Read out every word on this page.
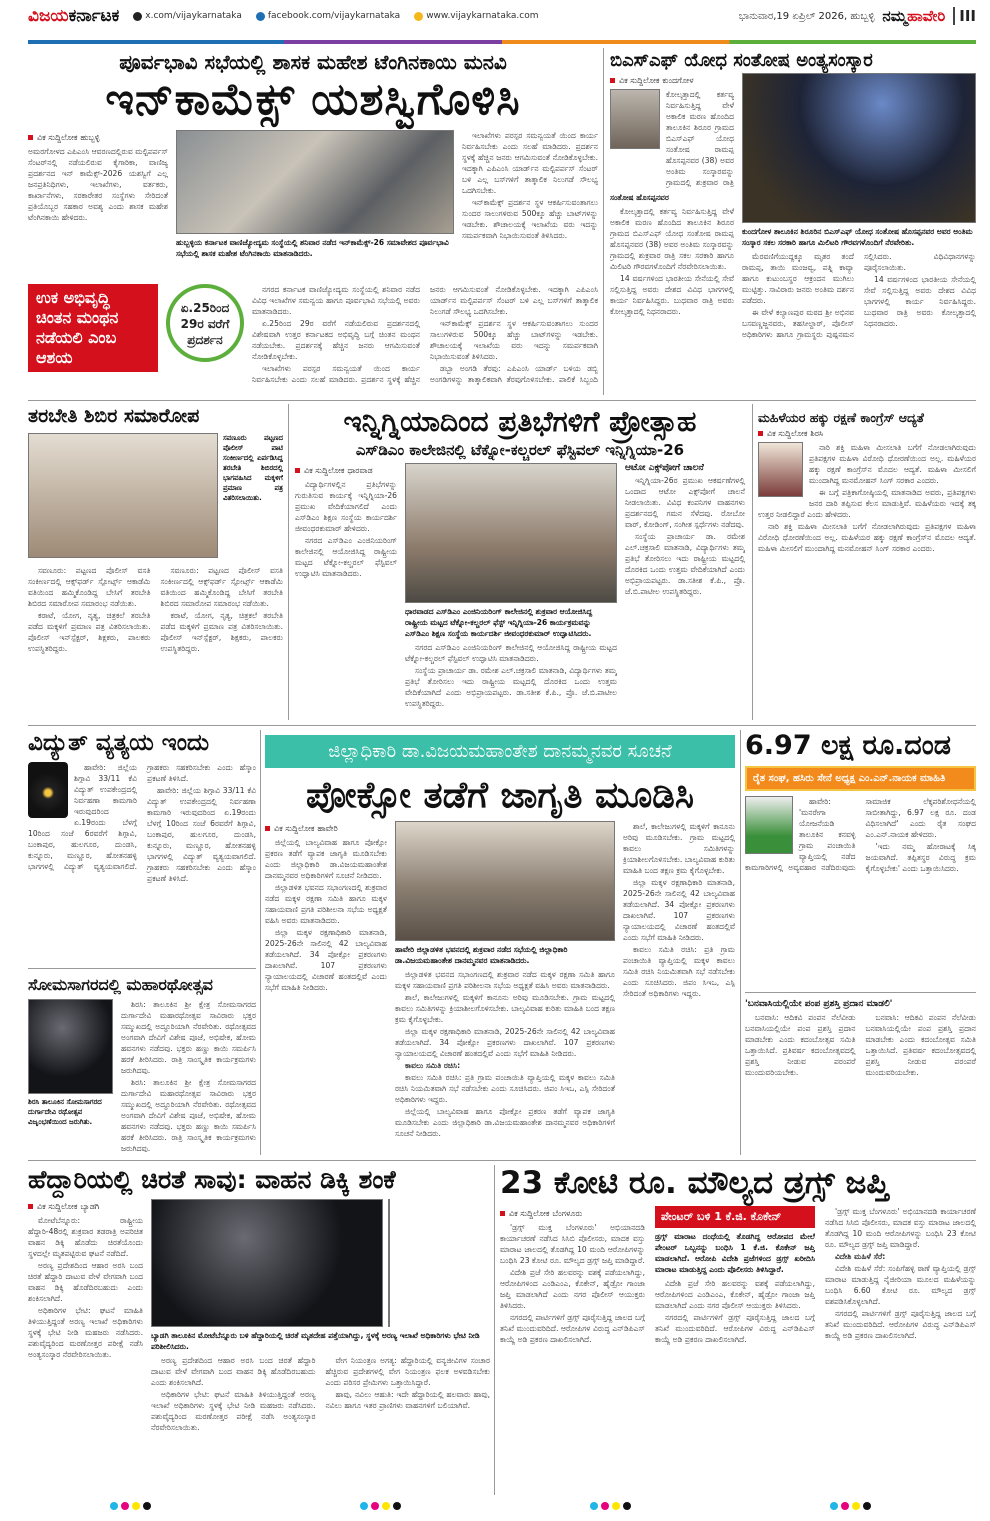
ವಿಜಯಕರ್ನಾಟಕ	x.com/vijaykarnataka	facebook.com/vijaykarnataka	www.vijaykarnataka.com	ಭಾನುವಾರ,19 ಏಪ್ರಿಲ್ 2026, ಹುಬ್ಬಳ್ಳಿ ನಮ್ಮಹಾವೇರಿ III
ಪೂರ್ವಭಾವಿ ಸಭೆಯಲ್ಲಿ ಶಾಸಕ ಮಹೇಶ ಟೆಂಗಿನಕಾಯಿ ಮನವಿ
ಇನ್‌ಕಾಮೆಕ್ಸ್ ಯಶಸ್ವಿಗೊಳಿಸಿ
ವಿಕ ಸುದ್ದಿಲೋಕ ಹುಬ್ಬಳ್ಳಿ
ಅಮರಗೋಳದ ಎಪಿಎಂಸಿ ಆವರಣದಲ್ಲಿರುವ ಮಲ್ಟಿಪರ್ಪಸ್ ಸೆಂಟರ್‌ನಲ್ಲಿ ನಡೆಯಲಿರುವ ಕೈಗಾರಿಕಾ, ವಾಣಿಜ್ಯ ಪ್ರದರ್ಶನದ ಇನ್ ಕಾಮೆಕ್ಸ್-2026 ಯಶಸ್ವಿಗೆ ಎಲ್ಲ ಜನಪ್ರತಿನಿಧಿಗಳು, ಇಲಾಖೆಗಳು, ವರ್ತಕರು, ಕಾರ್ಖಾನೆಗಳು, ಸರಕಾರೇತರ ಸಂಸ್ಥೆಗಳು ಸೇರಿದಂತೆ ಪ್ರತಿಯೊಬ್ಬರ ಸಹಕಾರ ಅವಶ್ಯ ಎಂದು ಶಾಸಕ ಮಹೇಶ ಟೆಂಗಿನಕಾಯಿ ಹೇಳಿದರು.
ಹುಬ್ಬಳ್ಳಿಯ ಕರ್ನಾಟಕ ವಾಣಿಜ್ಯೋದ್ಯಮ ಸಂಸ್ಥೆಯಲ್ಲಿ ಶನಿವಾರ ನಡೆದ ಇನ್‌ಕಾಮೆಕ್ಸ್-26 ಸಮಾವೇಶದ ಪೂರ್ವಭಾವಿ ಸಭೆಯಲ್ಲಿ ಶಾಸಕ ಮಹೇಶ ಟೆಂಗಿನಕಾಯಿ ಮಾತನಾಡಿದರು.

ಇಲಾಖೆಗಳು ಪರಸ್ಪರ ಸಮನ್ವಯತೆ ಯಿಂದ ಕಾರ್ಯ ನಿರ್ವಹಿಸಬೇಕು ಎಂದು ಸಲಹೆ ಮಾಡಿದರು. ಪ್ರದರ್ಶನ ಸ್ಥಳಕ್ಕೆ ಹೆಚ್ಚಿನ ಜನರು ಆಗಮಿಸುವಂತೆ ನೋಡಿಕೊಳ್ಳಬೇಕು. ಇದಕ್ಕಾಗಿ ಎಪಿಎಂಸಿ ಯಾರ್ಡ್‌ನ ಮಲ್ಟಿಪರ್ಪಸ್ ಸೆಂಟರ್ ಬಳಿ ಎಲ್ಲ ಬಸ್‌ಗಳಿಗೆ ತಾತ್ಕಾಲಿಕ ನಿಲುಗಡೆ ಸೌಲಭ್ಯ ಒದಗಿಸಬೇಕು.

ಇನ್‌ಕಾಮೆಕ್ಸ್ ಪ್ರದರ್ಶನ ಸ್ಥಳ ಆಕರ್ಷಿಸುವಂತಾಗಲು ಸುಂದರ ಸಾಲುಗಳಿರುವ 500ಕ್ಕೂ ಹೆಚ್ಚು ಬಾಟ್‌ಗಳನ್ನು ಇಡಬೇಕು. ಶೌಚಾಲಯಕ್ಕೆ ಇಲಾಖೆಯ ವರು ಇದನ್ನು ಸಮರ್ಪಕವಾಗಿ ನಿಭಾಯಿಸುವಂತೆ ತಿಳಿಸಿದರು.

ಉಕ ಅಭಿವೃದ್ಧಿ ಚಿಂತನ ಮಂಥನ ನಡೆಯಲಿ ಎಂಬ ಆಶಯ
ಏ.25ರಿಂದ 29ರ ವರೆಗೆ ಪ್ರದರ್ಶನ

ನಗರದ ಕರ್ನಾಟಕ ವಾಣಿಜ್ಯೋದ್ಯಮ ಸಂಸ್ಥೆಯಲ್ಲಿ ಶನಿವಾರ ನಡೆದ ವಿವಿಧ ಇಲಾಖೆಗಳ ಸಮನ್ವಯ ಹಾಗೂ ಪೂರ್ವಭಾವಿ ಸಭೆಯಲ್ಲಿ ಅವರು ಮಾತನಾಡಿದರು.

ಏ.25ರಿಂದ 29ರ ವರೆಗೆ ನಡೆಯಲಿರುವ ಪ್ರದರ್ಶನದಲ್ಲಿ ವಿಶೇಷವಾಗಿ ಉತ್ತರ ಕರ್ನಾಟಕದ ಅಭಿವೃದ್ಧಿ ಬಗ್ಗೆ ಚಿಂತನ ಮಂಥನ ನಡೆಯಬೇಕು. ಪ್ರದರ್ಶನಕ್ಕೆ ಹೆಚ್ಚಿನ ಜನರು ಆಗಮಿಸುವಂತೆ ನೋಡಿಕೊಳ್ಳಬೇಕು.

ಇಲಾಖೆಗಳು ಪರಸ್ಪರ ಸಮನ್ವಯತೆ ಯಿಂದ ಕಾರ್ಯ ನಿರ್ವಹಿಸಬೇಕು ಎಂದು ಸಲಹೆ ಮಾಡಿದರು. ಪ್ರದರ್ಶನ ಸ್ಥಳಕ್ಕೆ ಹೆಚ್ಚಿನ ಜನರು ಆಗಮಿಸುವಂತೆ ನೋಡಿಕೊಳ್ಳಬೇಕು. ಇದಕ್ಕಾಗಿ ಎಪಿಎಂಸಿ ಯಾರ್ಡ್‌ನ ಮಲ್ಟಿಪರ್ಪಸ್ ಸೆಂಟರ್ ಬಳಿ ಎಲ್ಲ ಬಸ್‌ಗಳಿಗೆ ತಾತ್ಕಾಲಿಕ ನಿಲುಗಡೆ ಸೌಲಭ್ಯ ಒದಗಿಸಬೇಕು.

ಇನ್‌ಕಾಮೆಕ್ಸ್ ಪ್ರದರ್ಶನ ಸ್ಥಳ ಆಕರ್ಷಿಸುವಂತಾಗಲು ಸುಂದರ ಸಾಲುಗಳಿರುವ 500ಕ್ಕೂ ಹೆಚ್ಚು ಬಾಟ್‌ಗಳನ್ನು ಇಡಬೇಕು. ಶೌಚಾಲಯಕ್ಕೆ ಇಲಾಖೆಯ ವರು ಇದನ್ನು ಸಮರ್ಪಕವಾಗಿ ನಿಭಾಯಿಸುವಂತೆ ತಿಳಿಸಿದರು.

ಡಬ್ಬಾ ಅಂಗಡಿ ತೆರವು: ಎಪಿಎಂಸಿ ಯಾರ್ಡ್ ಬಳಿಯ ಡಬ್ಬಿ ಅಂಗಡಿಗಳನ್ನು ತಾತ್ಕಾಲಿಕವಾಗಿ ತೆರವುಗೊಳಿಸಬೇಕು. ಪಾಲಿಕೆ ಸಿಬ್ಬಂದಿ

ಬಿಎಸ್‌ಎಫ್ ಯೋಧ ಸಂತೋಷ ಅಂತ್ಯಸಂಸ್ಕಾರ
ವಿಕ ಸುದ್ದಿಲೋಕ ಕುಂದಗೋಳ
ಕೋಲ್ಕತ್ತಾದಲ್ಲಿ ಕರ್ತವ್ಯ ನಿರ್ವಹಿಸುತ್ತಿದ್ದ ವೇಳೆ ಅಕಾಲಿಕ ಮರಣ ಹೊಂದಿದ ತಾಲೂಕಿನ ಶಿರೂರ ಗ್ರಾಮದ ಬಿಎಸ್‌ಎಫ್ ಯೋಧ ಸಂತೋಷ ರಾಮಪ್ಪ ಹೊಸಪ್ಪನವರ (38) ಅವರ ಅಂತಿಮ ಸಂಸ್ಕಾರವನ್ನು ಗ್ರಾಮದಲ್ಲಿ ಶುಕ್ರವಾರ ರಾತ್ರಿ
ಸಂತೋಷ ಹೊಸಪ್ಪನವರ

ಕೋಲ್ಕತ್ತಾದಲ್ಲಿ ಕರ್ತವ್ಯ ನಿರ್ವಹಿಸುತ್ತಿದ್ದ ವೇಳೆ ಅಕಾಲಿಕ ಮರಣ ಹೊಂದಿದ ತಾಲೂಕಿನ ಶಿರೂರ ಗ್ರಾಮದ ಬಿಎಸ್‌ಎಫ್ ಯೋಧ ಸಂತೋಷ ರಾಮಪ್ಪ ಹೊಸಪ್ಪನವರ (38) ಅವರ ಅಂತಿಮ ಸಂಸ್ಕಾರವನ್ನು ಗ್ರಾಮದಲ್ಲಿ ಶುಕ್ರವಾರ ರಾತ್ರಿ ಸಕಲ ಸರಕಾರಿ ಹಾಗೂ ಮಿಲಿಟರಿ ಗೌರವಗಳೊಂದಿಗೆ ನೆರವೇರಿಸಲಾಯಿತು.

14 ವರ್ಷಗಳಿಂದ ಭಾರತೀಯ ಸೇನೆಯಲ್ಲಿ ಸೇವೆ ಸಲ್ಲಿಸುತ್ತಿದ್ದ ಅವರು ದೇಶದ ವಿವಿಧ ಭಾಗಗಳಲ್ಲಿ ಕಾರ್ಯ ನಿರ್ವಹಿಸಿದ್ದರು. ಬುಧವಾರ ರಾತ್ರಿ ಅವರು ಕೋಲ್ಕತ್ತಾದಲ್ಲಿ ನಿಧನರಾದರು.

ಕುಂದಗೋಳ ತಾಲೂಕಿನ ಶಿರೂರಿನ ಬಿಎಸ್‌ಎಫ್ ಯೋಧ ಸಂತೋಷ ಹೊಸಪ್ಪನವರ ಅವರ ಅಂತಿಮ ಸಂಸ್ಕಾರ ಸಕಲ ಸರಕಾರಿ ಹಾಗೂ ಮಿಲಿಟರಿ ಗೌರವಗಳೊಂದಿಗೆ ನೆರವೇರಿತು.

ಮೆರವಣಿಗೆಯುದ್ದಕ್ಕೂ ಮೃತರ ತಂದೆ ರಾಮಪ್ಪ, ತಾಯಿ ಮಂಜವ್ವ, ಪತ್ನಿ ಕಾವ್ಯಾ ಹಾಗೂ ಕುಟುಂಬಸ್ಥರ ಆಕ್ರಂದನ ಮುಗಿಲು ಮುಟ್ಟಿತ್ತು. ಸಾವಿರಾರು ಜನರು ಅಂತಿಮ ದರ್ಶನ ಪಡೆದರು.

ಈ ವೇಳೆ ಕಲ್ಯಾಣಪುರ ಮಠದ ಶ್ರೀ ಅಭಿನವ ಬಸವಣ್ಣಜ್ಜನವರು, ತಹಸೀಲ್ದಾರ್, ಪೊಲೀಸ್ ಅಧಿಕಾರಿಗಳು ಹಾಗೂ ಗ್ರಾಮಸ್ಥರು ಪುಷ್ಪನಮನ ಸಲ್ಲಿಸಿದರು. ವಿಧಿವಿಧಾನಗಳನ್ನು ಪೂರೈಸಲಾಯಿತು.

14 ವರ್ಷಗಳಿಂದ ಭಾರತೀಯ ಸೇನೆಯಲ್ಲಿ ಸೇವೆ ಸಲ್ಲಿಸುತ್ತಿದ್ದ ಅವರು ದೇಶದ ವಿವಿಧ ಭಾಗಗಳಲ್ಲಿ ಕಾರ್ಯ ನಿರ್ವಹಿಸಿದ್ದರು. ಬುಧವಾರ ರಾತ್ರಿ ಅವರು ಕೋಲ್ಕತ್ತಾದಲ್ಲಿ ನಿಧನರಾದರು.

ತರಬೇತಿ ಶಿಬಿರ ಸಮಾರೋಪ
ಸವಣೂರು ಪಟ್ಟಣದ ಪೊಲೀಸ್ ಪಾಟಿ ಸಂಕೀರ್ಣದಲ್ಲಿ ಏರ್ಪಡಿಸಿದ್ದ ತರಬೇತಿ ಶಿಬಿರದಲ್ಲಿ ಭಾಗವಹಿಸಿದ ಮಕ್ಕಳಿಗೆ ಪ್ರಮಾಣ ಪತ್ರ ವಿತರಿಸಲಾಯಿತು.

ಸವಣೂರು: ಪಟ್ಟಣದ ಪೊಲೀಸ್ ವಸತಿ ಸಂಕೀರ್ಣದಲ್ಲಿ ಆಕ್ಸ್‌ಫರ್ಡ್ ಸ್ಪೋರ್ಟ್ಸ್ ಆಕಾಡೆಮಿ ವತಿಯಿಂದ ಹಮ್ಮಿಕೊಂಡಿದ್ದ ಬೇಸಿಗೆ ತರಬೇತಿ ಶಿಬಿರದ ಸಮಾರೋಪ ಸಮಾರಂಭ ನಡೆಯಿತು.

ಕರಾಟೆ, ಯೋಗ, ನೃತ್ಯ, ಚಿತ್ರಕಲೆ ತರಬೇತಿ ಪಡೆದ ಮಕ್ಕಳಿಗೆ ಪ್ರಮಾಣ ಪತ್ರ ವಿತರಿಸಲಾಯಿತು. ಪೊಲೀಸ್ ಇನ್‌ಸ್ಪೆಕ್ಟರ್, ಶಿಕ್ಷಕರು, ಪಾಲಕರು ಉಪಸ್ಥಿತರಿದ್ದರು.

ಸವಣೂರು: ಪಟ್ಟಣದ ಪೊಲೀಸ್ ವಸತಿ ಸಂಕೀರ್ಣದಲ್ಲಿ ಆಕ್ಸ್‌ಫರ್ಡ್ ಸ್ಪೋರ್ಟ್ಸ್ ಆಕಾಡೆಮಿ ವತಿಯಿಂದ ಹಮ್ಮಿಕೊಂಡಿದ್ದ ಬೇಸಿಗೆ ತರಬೇತಿ ಶಿಬಿರದ ಸಮಾರೋಪ ಸಮಾರಂಭ ನಡೆಯಿತು.

ಕರಾಟೆ, ಯೋಗ, ನೃತ್ಯ, ಚಿತ್ರಕಲೆ ತರಬೇತಿ ಪಡೆದ ಮಕ್ಕಳಿಗೆ ಪ್ರಮಾಣ ಪತ್ರ ವಿತರಿಸಲಾಯಿತು. ಪೊಲೀಸ್ ಇನ್‌ಸ್ಪೆಕ್ಟರ್, ಶಿಕ್ಷಕರು, ಪಾಲಕರು ಉಪಸ್ಥಿತರಿದ್ದರು.

ಇನ್ನಿಗ್ನಿಯಾದಿಂದ ಪ್ರತಿಭೆಗಳಿಗೆ ಪ್ರೋತ್ಸಾಹ
ಎಸ್‌ಡಿಎಂ ಕಾಲೇಜಿನಲ್ಲಿ ಟೆಕ್ನೋ-ಕಲ್ಚರಲ್ ಫೆಸ್ಟಿವಲ್ ಇನ್ನಿಗ್ನಿಯಾ-26
ವಿಕ ಸುದ್ದಿಲೋಕ ಧಾರವಾಡ

ವಿದ್ಯಾರ್ಥಿಗಳಲ್ಲಿನ ಪ್ರತಿಭೆಗಳನ್ನು ಗುರುತಿಸುವ ಕಾರ್ಯಕ್ಕೆ ಇನ್ನಿಗ್ನಿಯಾ-26 ಪ್ರಮುಖ ವೇದಿಕೆಯಾಗಲಿದೆ ಎಂದು ಎಸ್‌ಡಿಎಂ ಶಿಕ್ಷಣ ಸಂಸ್ಥೆಯ ಕಾರ್ಯದರ್ಶಿ ಜೀವಂಧರಕುಮಾರ್ ಹೇಳಿದರು.

ನಗರದ ಎಸ್‌ಡಿಎಂ ಎಂಜಿನಿಯರಿಂಗ್ ಕಾಲೇಜಿನಲ್ಲಿ ಆಯೋಜಿಸಿದ್ದ ರಾಷ್ಟ್ರೀಯ ಮಟ್ಟದ ಟೆಕ್ನೋ-ಕಲ್ಚರಲ್ ಫೆಸ್ಟಿವಲ್ ಉದ್ಘಾಟಿಸಿ ಮಾತನಾಡಿದರು.

ಧಾರವಾಡದ ಎಸ್‌ಡಿಎಂ ಎಂಜಿನಿಯರಿಂಗ್ ಕಾಲೇಜಿನಲ್ಲಿ ಶುಕ್ರವಾರ ಆಯೋಜಿಸಿದ್ದ ರಾಷ್ಟ್ರೀಯ ಮಟ್ಟದ ಟೆಕ್ನೋ-ಕಲ್ಚರಲ್ ಫೆಸ್ಟ್ ಇನ್ನಿಗ್ನಿಯಾ-26 ಕಾರ್ಯಕ್ರಮವನ್ನು ಎಸ್‌ಡಿಎಂ ಶಿಕ್ಷಣ ಸಂಸ್ಥೆಯ ಕಾರ್ಯದರ್ಶಿ ಜೀವಂಧರಕುಮಾರ್ ಉದ್ಘಾಟಿಸಿದರು.

ನಗರದ ಎಸ್‌ಡಿಎಂ ಎಂಜಿನಿಯರಿಂಗ್ ಕಾಲೇಜಿನಲ್ಲಿ ಆಯೋಜಿಸಿದ್ದ ರಾಷ್ಟ್ರೀಯ ಮಟ್ಟದ ಟೆಕ್ನೋ-ಕಲ್ಚರಲ್ ಫೆಸ್ಟಿವಲ್ ಉದ್ಘಾಟಿಸಿ ಮಾತನಾಡಿದರು.

ಸಂಸ್ಥೆಯ ಪ್ರಾಚಾರ್ಯ ಡಾ. ರಮೇಶ ಎಲ್.ಚಕ್ರಸಾಲಿ ಮಾತನಾಡಿ, ವಿದ್ಯಾರ್ಥಿಗಳು ತಮ್ಮ ಪ್ರತಿಭೆ ತೋರಿಸಲು ಇದು ರಾಷ್ಟ್ರೀಯ ಮಟ್ಟದಲ್ಲಿ ದೊರಕಿದ ಒಂದು ಉತ್ತಮ ವೇದಿಕೆಯಾಗಿದೆ ಎಂದು ಅಭಿಪ್ರಾಯಪಟ್ಟರು. ಡಾ.ಸತೀಶ ಕೆ.ಪಿ., ಪ್ರೊ. ಜೆ.ಬಿ.ಪಾಟೀಲ ಉಪಸ್ಥಿತರಿದ್ದರು.

ಆಟೋ ಎಕ್ಸ್‌ಪೋಗೆ ಚಾಲನೆ

ಇನ್ನಿಗ್ನಿಯಾ-26ರ ಪ್ರಮುಖ ಆಕರ್ಷಣೆಗಳಲ್ಲಿ ಒಂದಾದ ಆಟೋ ಎಕ್ಸ್‌ಪೋಗೆ ಚಾಲನೆ ನೀಡಲಾಯಿತು. ವಿವಿಧ ಕಂಪನಿಗಳ ವಾಹನಗಳು ಪ್ರದರ್ಶನದಲ್ಲಿ ಗಮನ ಸೆಳೆದವು. ರೋಬೋ ವಾರ್, ಕೋಡಿಂಗ್, ಸಂಗೀತ ಸ್ಪರ್ಧೆಗಳು ನಡೆದವು.

ಸಂಸ್ಥೆಯ ಪ್ರಾಚಾರ್ಯ ಡಾ. ರಮೇಶ ಎಲ್.ಚಕ್ರಸಾಲಿ ಮಾತನಾಡಿ, ವಿದ್ಯಾರ್ಥಿಗಳು ತಮ್ಮ ಪ್ರತಿಭೆ ತೋರಿಸಲು ಇದು ರಾಷ್ಟ್ರೀಯ ಮಟ್ಟದಲ್ಲಿ ದೊರಕಿದ ಒಂದು ಉತ್ತಮ ವೇದಿಕೆಯಾಗಿದೆ ಎಂದು ಅಭಿಪ್ರಾಯಪಟ್ಟರು. ಡಾ.ಸತೀಶ ಕೆ.ಪಿ., ಪ್ರೊ. ಜೆ.ಬಿ.ಪಾಟೀಲ ಉಪಸ್ಥಿತರಿದ್ದರು.

ಮಹಿಳೆಯರ ಹಕ್ಕು ರಕ್ಷಣೆ ಕಾಂಗ್ರೆಸ್ ಆದ್ಯತೆ
ವಿಕ ಸುದ್ದಿಲೋಕ ಶಿರಸಿ

ನಾರಿ ಶಕ್ತಿ ಮಹಿಳಾ ಮೀಸಲಾತಿ ಬಗೆಗೆ ನೋಡಲಾಗಿರುವುದು ಪ್ರತಿಪಕ್ಷಗಳ ಮಹಿಳಾ ವಿರೋಧಿ ಧೋರಣೆಯಿಂದ ಅಲ್ಲ. ಮಹಿಳೆಯರ ಹಕ್ಕು ರಕ್ಷಣೆ ಕಾಂಗ್ರೆಸ್‌ನ ಮೊದಲ ಆದ್ಯತೆ. ಮಹಿಳಾ ಮೀಸಲಿಗೆ ಮುಂದಾಗಿದ್ದ ಮನಮೋಹನ್ ಸಿಂಗ್ ಸರಕಾರ ಎಂದರು.

ಈ ಬಗ್ಗೆ ಪತ್ರಿಕಾಗೋಷ್ಠಿಯಲ್ಲಿ ಮಾತನಾಡಿದ ಅವರು, ಪ್ರತಿಪಕ್ಷಗಳು ಜನರ ದಾರಿ ತಪ್ಪಿಸುವ ಕೆಲಸ ಮಾಡುತ್ತಿವೆ. ಮಹಿಳೆಯರು ಇದಕ್ಕೆ ತಕ್ಕ ಉತ್ತರ ನೀಡಲಿದ್ದಾರೆ ಎಂದು ಹೇಳಿದರು.

ನಾರಿ ಶಕ್ತಿ ಮಹಿಳಾ ಮೀಸಲಾತಿ ಬಗೆಗೆ ನೋಡಲಾಗಿರುವುದು ಪ್ರತಿಪಕ್ಷಗಳ ಮಹಿಳಾ ವಿರೋಧಿ ಧೋರಣೆಯಿಂದ ಅಲ್ಲ. ಮಹಿಳೆಯರ ಹಕ್ಕು ರಕ್ಷಣೆ ಕಾಂಗ್ರೆಸ್‌ನ ಮೊದಲ ಆದ್ಯತೆ. ಮಹಿಳಾ ಮೀಸಲಿಗೆ ಮುಂದಾಗಿದ್ದ ಮನಮೋಹನ್ ಸಿಂಗ್ ಸರಕಾರ ಎಂದರು.

ವಿದ್ಯುತ್ ವ್ಯತ್ಯಯ ಇಂದು

ಹಾವೇರಿ: ಜಿಲ್ಲೆಯ ಶಿಗ್ಗಾವಿ 33/11 ಕೆವಿ ವಿದ್ಯುತ್ ಉಪಕೇಂದ್ರದಲ್ಲಿ ನಿರ್ವಹಣಾ ಕಾಮಗಾರಿ ಇರುವುದರಿಂದ ಏ.19ರಂದು ಬೆಳಗ್ಗೆ 10ರಿಂದ ಸಂಜೆ 6ರವರೆಗೆ ಶಿಗ್ಗಾವಿ, ಬಂಕಾಪುರ, ಹುಲಗೂರ, ದುಂಡಸಿ, ಕುನ್ನೂರು, ಮಣ್ಣೂರ, ಹೋತನಹಳ್ಳಿ ಭಾಗಗಳಲ್ಲಿ ವಿದ್ಯುತ್ ವ್ಯತ್ಯಯವಾಗಲಿದೆ. ಗ್ರಾಹಕರು ಸಹಕರಿಸಬೇಕು ಎಂದು ಹೆಸ್ಕಾಂ ಪ್ರಕಟಣೆ ತಿಳಿಸಿದೆ.

ಹಾವೇರಿ: ಜಿಲ್ಲೆಯ ಶಿಗ್ಗಾವಿ 33/11 ಕೆವಿ ವಿದ್ಯುತ್ ಉಪಕೇಂದ್ರದಲ್ಲಿ ನಿರ್ವಹಣಾ ಕಾಮಗಾರಿ ಇರುವುದರಿಂದ ಏ.19ರಂದು ಬೆಳಗ್ಗೆ 10ರಿಂದ ಸಂಜೆ 6ರವರೆಗೆ ಶಿಗ್ಗಾವಿ, ಬಂಕಾಪುರ, ಹುಲಗೂರ, ದುಂಡಸಿ, ಕುನ್ನೂರು, ಮಣ್ಣೂರ, ಹೋತನಹಳ್ಳಿ ಭಾಗಗಳಲ್ಲಿ ವಿದ್ಯುತ್ ವ್ಯತ್ಯಯವಾಗಲಿದೆ. ಗ್ರಾಹಕರು ಸಹಕರಿಸಬೇಕು ಎಂದು ಹೆಸ್ಕಾಂ ಪ್ರಕಟಣೆ ತಿಳಿಸಿದೆ.

ಸೋಮಸಾಗರದಲ್ಲಿ ಮಹಾರಥೋತ್ಸವ
ಶಿರಸಿ ತಾಲೂಕಿನ ಸೋಮಸಾಗರದ ದುರ್ಗಾದೇವಿ ರಥೋತ್ಸವ ವಿಜೃಂಭಣೆಯಿಂದ ಜರುಗಿತು.

ಶಿರಸಿ: ತಾಲೂಕಿನ ಶ್ರೀ ಕ್ಷೇತ್ರ ಸೋಮಸಾಗರದ ದುರ್ಗಾದೇವಿ ಮಹಾರಥೋತ್ಸವ ಸಾವಿರಾರು ಭಕ್ತರ ಸಮ್ಮುಖದಲ್ಲಿ ಅದ್ಧೂರಿಯಾಗಿ ನೆರವೇರಿತು. ರಥೋತ್ಸವದ ಅಂಗವಾಗಿ ದೇವಿಗೆ ವಿಶೇಷ ಪೂಜೆ, ಅಭಿಷೇಕ, ಹೋಮ ಹವನಗಳು ನಡೆದವು. ಭಕ್ತರು ಹಣ್ಣು ಕಾಯಿ ಸಮರ್ಪಿಸಿ ಹರಕೆ ತೀರಿಸಿದರು. ರಾತ್ರಿ ಸಾಂಸ್ಕೃತಿಕ ಕಾರ್ಯಕ್ರಮಗಳು ಜರುಗಿದವು.

ಶಿರಸಿ: ತಾಲೂಕಿನ ಶ್ರೀ ಕ್ಷೇತ್ರ ಸೋಮಸಾಗರದ ದುರ್ಗಾದೇವಿ ಮಹಾರಥೋತ್ಸವ ಸಾವಿರಾರು ಭಕ್ತರ ಸಮ್ಮುಖದಲ್ಲಿ ಅದ್ಧೂರಿಯಾಗಿ ನೆರವೇರಿತು. ರಥೋತ್ಸವದ ಅಂಗವಾಗಿ ದೇವಿಗೆ ವಿಶೇಷ ಪೂಜೆ, ಅಭಿಷೇಕ, ಹೋಮ ಹವನಗಳು ನಡೆದವು. ಭಕ್ತರು ಹಣ್ಣು ಕಾಯಿ ಸಮರ್ಪಿಸಿ ಹರಕೆ ತೀರಿಸಿದರು. ರಾತ್ರಿ ಸಾಂಸ್ಕೃತಿಕ ಕಾರ್ಯಕ್ರಮಗಳು ಜರುಗಿದವು.

ಜಿಲ್ಲಾಧಿಕಾರಿ ಡಾ.ವಿಜಯಮಹಾಂತೇಶ ದಾನಮ್ಮನವರ ಸೂಚನೆ
ಪೋಕ್ಸೋ ತಡೆಗೆ ಜಾಗೃತಿ ಮೂಡಿಸಿ
ವಿಕ ಸುದ್ದಿಲೋಕ ಹಾವೇರಿ

ಜಿಲ್ಲೆಯಲ್ಲಿ ಬಾಲ್ಯವಿವಾಹ ಹಾಗೂ ಪೋಕ್ಸೋ ಪ್ರಕರಣ ತಡೆಗೆ ವ್ಯಾಪಕ ಜಾಗೃತಿ ಮೂಡಿಸಬೇಕು ಎಂದು ಜಿಲ್ಲಾಧಿಕಾರಿ ಡಾ.ವಿಜಯಮಹಾಂತೇಶ ದಾನಮ್ಮನವರ ಅಧಿಕಾರಿಗಳಿಗೆ ಸೂಚನೆ ನೀಡಿದರು.

ಜಿಲ್ಲಾಡಳಿತ ಭವನದ ಸಭಾಂಗಣದಲ್ಲಿ ಶುಕ್ರವಾರ ನಡೆದ ಮಕ್ಕಳ ರಕ್ಷಣಾ ಸಮಿತಿ ಹಾಗೂ ಮಕ್ಕಳ ಸಹಾಯವಾಣಿ ಪ್ರಗತಿ ಪರಿಶೀಲನಾ ಸಭೆಯ ಅಧ್ಯಕ್ಷತೆ ವಹಿಸಿ ಅವರು ಮಾತನಾಡಿದರು.

ಜಿಲ್ಲಾ ಮಕ್ಕಳ ರಕ್ಷಣಾಧಿಕಾರಿ ಮಾತನಾಡಿ, 2025-26ನೇ ಸಾಲಿನಲ್ಲಿ 42 ಬಾಲ್ಯವಿವಾಹ ತಡೆಯಲಾಗಿದೆ. 34 ಪೋಕ್ಸೋ ಪ್ರಕರಣಗಳು ದಾಖಲಾಗಿವೆ. 107 ಪ್ರಕರಣಗಳು ನ್ಯಾಯಾಲಯದಲ್ಲಿ ವಿಚಾರಣೆ ಹಂತದಲ್ಲಿವೆ ಎಂದು ಸಭೆಗೆ ಮಾಹಿತಿ ನೀಡಿದರು.

ಹಾವೇರಿ ಜಿಲ್ಲಾಡಳಿತ ಭವನದಲ್ಲಿ ಶುಕ್ರವಾರ ನಡೆದ ಸಭೆಯಲ್ಲಿ ಜಿಲ್ಲಾಧಿಕಾರಿ ಡಾ.ವಿಜಯಮಹಾಂತೇಶ ದಾನಮ್ಮನವರ ಮಾತನಾಡಿದರು.

ಜಿಲ್ಲಾಡಳಿತ ಭವನದ ಸಭಾಂಗಣದಲ್ಲಿ ಶುಕ್ರವಾರ ನಡೆದ ಮಕ್ಕಳ ರಕ್ಷಣಾ ಸಮಿತಿ ಹಾಗೂ ಮಕ್ಕಳ ಸಹಾಯವಾಣಿ ಪ್ರಗತಿ ಪರಿಶೀಲನಾ ಸಭೆಯ ಅಧ್ಯಕ್ಷತೆ ವಹಿಸಿ ಅವರು ಮಾತನಾಡಿದರು.

ಶಾಲೆ, ಕಾಲೇಜುಗಳಲ್ಲಿ ಮಕ್ಕಳಿಗೆ ಕಾನೂನು ಅರಿವು ಮೂಡಿಸಬೇಕು. ಗ್ರಾಮ ಮಟ್ಟದಲ್ಲಿ ಕಾವಲು ಸಮಿತಿಗಳನ್ನು ಕ್ರಿಯಾಶೀಲಗೊಳಿಸಬೇಕು. ಬಾಲ್ಯವಿವಾಹ ಕುರಿತು ಮಾಹಿತಿ ಬಂದ ತಕ್ಷಣ ಕ್ರಮ ಕೈಗೊಳ್ಳಬೇಕು.

ಜಿಲ್ಲಾ ಮಕ್ಕಳ ರಕ್ಷಣಾಧಿಕಾರಿ ಮಾತನಾಡಿ, 2025-26ನೇ ಸಾಲಿನಲ್ಲಿ 42 ಬಾಲ್ಯವಿವಾಹ ತಡೆಯಲಾಗಿದೆ. 34 ಪೋಕ್ಸೋ ಪ್ರಕರಣಗಳು ದಾಖಲಾಗಿವೆ. 107 ಪ್ರಕರಣಗಳು ನ್ಯಾಯಾಲಯದಲ್ಲಿ ವಿಚಾರಣೆ ಹಂತದಲ್ಲಿವೆ ಎಂದು ಸಭೆಗೆ ಮಾಹಿತಿ ನೀಡಿದರು.

ಕಾವಲು ಸಮಿತಿ ರಚಿಸಿ:

ಕಾವಲು ಸಮಿತಿ ರಚಿಸಿ: ಪ್ರತಿ ಗ್ರಾಮ ಪಂಚಾಯಿತಿ ವ್ಯಾಪ್ತಿಯಲ್ಲಿ ಮಕ್ಕಳ ಕಾವಲು ಸಮಿತಿ ರಚಿಸಿ ನಿಯಮಿತವಾಗಿ ಸಭೆ ನಡೆಸಬೇಕು ಎಂದು ಸೂಚಿಸಿದರು. ಜಿಪಂ ಸಿಇಒ, ಎಸ್ಪಿ ಸೇರಿದಂತೆ ಅಧಿಕಾರಿಗಳು ಇದ್ದರು.

ಜಿಲ್ಲೆಯಲ್ಲಿ ಬಾಲ್ಯವಿವಾಹ ಹಾಗೂ ಪೋಕ್ಸೋ ಪ್ರಕರಣ ತಡೆಗೆ ವ್ಯಾಪಕ ಜಾಗೃತಿ ಮೂಡಿಸಬೇಕು ಎಂದು ಜಿಲ್ಲಾಧಿಕಾರಿ ಡಾ.ವಿಜಯಮಹಾಂತೇಶ ದಾನಮ್ಮನವರ ಅಧಿಕಾರಿಗಳಿಗೆ ಸೂಚನೆ ನೀಡಿದರು.

ಶಾಲೆ, ಕಾಲೇಜುಗಳಲ್ಲಿ ಮಕ್ಕಳಿಗೆ ಕಾನೂನು ಅರಿವು ಮೂಡಿಸಬೇಕು. ಗ್ರಾಮ ಮಟ್ಟದಲ್ಲಿ ಕಾವಲು ಸಮಿತಿಗಳನ್ನು ಕ್ರಿಯಾಶೀಲಗೊಳಿಸಬೇಕು. ಬಾಲ್ಯವಿವಾಹ ಕುರಿತು ಮಾಹಿತಿ ಬಂದ ತಕ್ಷಣ ಕ್ರಮ ಕೈಗೊಳ್ಳಬೇಕು.

ಜಿಲ್ಲಾ ಮಕ್ಕಳ ರಕ್ಷಣಾಧಿಕಾರಿ ಮಾತನಾಡಿ, 2025-26ನೇ ಸಾಲಿನಲ್ಲಿ 42 ಬಾಲ್ಯವಿವಾಹ ತಡೆಯಲಾಗಿದೆ. 34 ಪೋಕ್ಸೋ ಪ್ರಕರಣಗಳು ದಾಖಲಾಗಿವೆ. 107 ಪ್ರಕರಣಗಳು ನ್ಯಾಯಾಲಯದಲ್ಲಿ ವಿಚಾರಣೆ ಹಂತದಲ್ಲಿವೆ ಎಂದು ಸಭೆಗೆ ಮಾಹಿತಿ ನೀಡಿದರು.

ಕಾವಲು ಸಮಿತಿ ರಚಿಸಿ: ಪ್ರತಿ ಗ್ರಾಮ ಪಂಚಾಯಿತಿ ವ್ಯಾಪ್ತಿಯಲ್ಲಿ ಮಕ್ಕಳ ಕಾವಲು ಸಮಿತಿ ರಚಿಸಿ ನಿಯಮಿತವಾಗಿ ಸಭೆ ನಡೆಸಬೇಕು ಎಂದು ಸೂಚಿಸಿದರು. ಜಿಪಂ ಸಿಇಒ, ಎಸ್ಪಿ ಸೇರಿದಂತೆ ಅಧಿಕಾರಿಗಳು ಇದ್ದರು.

6.97 ಲಕ್ಷ ರೂ.ದಂಡ
ರೈತ ಸಂಘ, ಹಸಿರು ಸೇನೆ ಅಧ್ಯಕ್ಷ ಎಂ.ಎನ್.ನಾಯಕ ಮಾಹಿತಿ

ಹಾವೇರಿ: 'ಮನರೇಗಾ ಯೋಜನೆಯಡಿ ತಾಲೂಕಿನ ಕನವಳ್ಳಿ ಗ್ರಾಮ ಪಂಚಾಯಿತಿ ವ್ಯಾಪ್ತಿಯಲ್ಲಿ ನಡೆದ ಕಾಮಗಾರಿಗಳಲ್ಲಿ ಅವ್ಯವಹಾರ ನಡೆದಿರುವುದು ಸಾಮಾಜಿಕ ಲೆಕ್ಕಪರಿಶೋಧನೆಯಲ್ಲಿ ಸಾಬೀತಾಗಿದ್ದು, 6.97 ಲಕ್ಷ ರೂ. ದಂಡ ವಿಧಿಸಲಾಗಿದೆ' ಎಂದು ರೈತ ಸಂಘದ ಎಂ.ಎನ್.ನಾಯಕ ಹೇಳಿದರು.

'ಇದು ನಮ್ಮ ಹೋರಾಟಕ್ಕೆ ಸಿಕ್ಕ ಜಯವಾಗಿದೆ. ತಪ್ಪಿತಸ್ಥರ ವಿರುದ್ಧ ಕ್ರಮ ಕೈಗೊಳ್ಳಬೇಕು' ಎಂದು ಒತ್ತಾಯಿಸಿದರು.

'ಬನವಾಸಿಯಲ್ಲಿಯೇ ಪಂಪ ಪ್ರಶಸ್ತಿ ಪ್ರದಾನ ಮಾಡಲಿ'

ಬನವಾಸಿ: ಆದಿಕವಿ ಪಂಪನ ನೆಲೆವೀಡು ಬನವಾಸಿಯಲ್ಲಿಯೇ ಪಂಪ ಪ್ರಶಸ್ತಿ ಪ್ರದಾನ ಮಾಡಬೇಕು ಎಂದು ಕದಂಬೋತ್ಸವ ಸಮಿತಿ ಒತ್ತಾಯಿಸಿದೆ. ಪ್ರತಿವರ್ಷ ಕದಂಬೋತ್ಸವದಲ್ಲಿ ಪ್ರಶಸ್ತಿ ನೀಡುವ ಪರಂಪರೆ ಮುಂದುವರಿಯಬೇಕು.

ಬನವಾಸಿ: ಆದಿಕವಿ ಪಂಪನ ನೆಲೆವೀಡು ಬನವಾಸಿಯಲ್ಲಿಯೇ ಪಂಪ ಪ್ರಶಸ್ತಿ ಪ್ರದಾನ ಮಾಡಬೇಕು ಎಂದು ಕದಂಬೋತ್ಸವ ಸಮಿತಿ ಒತ್ತಾಯಿಸಿದೆ. ಪ್ರತಿವರ್ಷ ಕದಂಬೋತ್ಸವದಲ್ಲಿ ಪ್ರಶಸ್ತಿ ನೀಡುವ ಪರಂಪರೆ ಮುಂದುವರಿಯಬೇಕು.

ಹೆದ್ದಾರಿಯಲ್ಲಿ ಚಿರತೆ ಸಾವು: ವಾಹನ ಡಿಕ್ಕಿ ಶಂಕೆ
ವಿಕ ಸುದ್ದಿಲೋಕ ಬ್ಯಾಡಗಿ

ಮೋಟೆಬೆನ್ನೂರು: ರಾಷ್ಟ್ರೀಯ ಹೆದ್ದಾರಿ-48ರಲ್ಲಿ ಶುಕ್ರವಾರ ತಡರಾತ್ರಿ ಅಪರಿಚಿತ ವಾಹನ ಡಿಕ್ಕಿ ಹೊಡೆದು ಚಿರತೆಯೊಂದು ಸ್ಥಳದಲ್ಲೇ ಮೃತಪಟ್ಟಿರುವ ಘಟನೆ ನಡೆದಿದೆ.

ಅರಣ್ಯ ಪ್ರದೇಶದಿಂದ ಆಹಾರ ಅರಸಿ ಬಂದ ಚಿರತೆ ಹೆದ್ದಾರಿ ದಾಟುವ ವೇಳೆ ವೇಗವಾಗಿ ಬಂದ ವಾಹನ ಡಿಕ್ಕಿ ಹೊಡೆದಿರಬಹುದು ಎಂದು ಶಂಕಿಸಲಾಗಿದೆ.

ಅಧಿಕಾರಿಗಳ ಭೇಟಿ: ಘಟನೆ ಮಾಹಿತಿ ತಿಳಿಯುತ್ತಿದ್ದಂತೆ ಅರಣ್ಯ ಇಲಾಖೆ ಅಧಿಕಾರಿಗಳು ಸ್ಥಳಕ್ಕೆ ಭೇಟಿ ನೀಡಿ ಮಹಜರು ನಡೆಸಿದರು. ಪಶುವೈದ್ಯರಿಂದ ಮರಣೋತ್ತರ ಪರೀಕ್ಷೆ ನಡೆಸಿ ಅಂತ್ಯಸಂಸ್ಕಾರ ನೆರವೇರಿಸಲಾಯಿತು.

ಬ್ಯಾಡಗಿ ತಾಲೂಕಿನ ಮೋಟೆಬೆನ್ನೂರು ಬಳಿ ಹೆದ್ದಾರಿಯಲ್ಲಿ ಚಿರತೆ ಮೃತದೇಹ ಪತ್ತೆಯಾಗಿದ್ದು, ಸ್ಥಳಕ್ಕೆ ಅರಣ್ಯ ಇಲಾಖೆ ಅಧಿಕಾರಿಗಳು ಭೇಟಿ ನೀಡಿ ಪರಿಶೀಲಿಸಿದರು.

ಅರಣ್ಯ ಪ್ರದೇಶದಿಂದ ಆಹಾರ ಅರಸಿ ಬಂದ ಚಿರತೆ ಹೆದ್ದಾರಿ ದಾಟುವ ವೇಳೆ ವೇಗವಾಗಿ ಬಂದ ವಾಹನ ಡಿಕ್ಕಿ ಹೊಡೆದಿರಬಹುದು ಎಂದು ಶಂಕಿಸಲಾಗಿದೆ.

ಅಧಿಕಾರಿಗಳ ಭೇಟಿ: ಘಟನೆ ಮಾಹಿತಿ ತಿಳಿಯುತ್ತಿದ್ದಂತೆ ಅರಣ್ಯ ಇಲಾಖೆ ಅಧಿಕಾರಿಗಳು ಸ್ಥಳಕ್ಕೆ ಭೇಟಿ ನೀಡಿ ಮಹಜರು ನಡೆಸಿದರು. ಪಶುವೈದ್ಯರಿಂದ ಮರಣೋತ್ತರ ಪರೀಕ್ಷೆ ನಡೆಸಿ ಅಂತ್ಯಸಂಸ್ಕಾರ ನೆರವೇರಿಸಲಾಯಿತು.

ವೇಗ ನಿಯಂತ್ರಣ ಅಗತ್ಯ: ಹೆದ್ದಾರಿಯಲ್ಲಿ ವನ್ಯಜೀವಿಗಳ ಸಂಚಾರ ಹೆಚ್ಚಿರುವ ಪ್ರದೇಶಗಳಲ್ಲಿ ವೇಗ ನಿಯಂತ್ರಣ ಫಲಕ ಅಳವಡಿಸಬೇಕು ಎಂದು ಪರಿಸರ ಪ್ರೇಮಿಗಳು ಒತ್ತಾಯಿಸಿದ್ದಾರೆ.

ಹಾವು, ನವಿಲು ಆಹುತಿ: ಇದೇ ಹೆದ್ದಾರಿಯಲ್ಲಿ ಹಲವಾರು ಹಾವು, ನವಿಲು ಹಾಗೂ ಇತರ ಪ್ರಾಣಿಗಳು ವಾಹನಗಳಿಗೆ ಬಲಿಯಾಗಿವೆ.

23 ಕೋಟಿ ರೂ. ಮೌಲ್ಯದ ಡ್ರಗ್ಸ್ ಜಪ್ತಿ
ವಿಕ ಸುದ್ದಿಲೋಕ ಬೆಂಗಳೂರು

'ಡ್ರಗ್ಸ್ ಮುಕ್ತ ಬೆಂಗಳೂರು' ಅಭಿಯಾನದಡಿ ಕಾರ್ಯಾಚರಣೆ ನಡೆಸಿದ ಸಿಸಿಬಿ ಪೊಲೀಸರು, ಮಾದಕ ವಸ್ತು ಮಾರಾಟ ಜಾಲದಲ್ಲಿ ತೊಡಗಿದ್ದ 10 ಮಂದಿ ಆರೋಪಿಗಳನ್ನು ಬಂಧಿಸಿ 23 ಕೋಟಿ ರೂ. ಮೌಲ್ಯದ ಡ್ರಗ್ಸ್ ಜಪ್ತಿ ಮಾಡಿದ್ದಾರೆ.

ವಿದೇಶಿ ಪ್ರಜೆ ಸೇರಿ ಹಲವರನ್ನು ವಶಕ್ಕೆ ಪಡೆಯಲಾಗಿದ್ದು, ಆರೋಪಿಗಳಿಂದ ಎಂಡಿಎಂಎ, ಕೊಕೇನ್, ಹೈಡ್ರೋ ಗಾಂಜಾ ಜಪ್ತಿ ಮಾಡಲಾಗಿದೆ ಎಂದು ನಗರ ಪೊಲೀಸ್ ಆಯುಕ್ತರು ತಿಳಿಸಿದರು.

ನಗರದಲ್ಲಿ ಪಾರ್ಟಿಗಳಿಗೆ ಡ್ರಗ್ಸ್ ಪೂರೈಸುತ್ತಿದ್ದ ಜಾಲದ ಬಗ್ಗೆ ತನಿಖೆ ಮುಂದುವರಿದಿದೆ. ಆರೋಪಿಗಳ ವಿರುದ್ಧ ಎನ್‌ಡಿಪಿಎಸ್ ಕಾಯ್ದೆ ಅಡಿ ಪ್ರಕರಣ ದಾಖಲಿಸಲಾಗಿದೆ.

ಪೇಂಟರ್ ಬಳಿ 1 ಕೆ.ಜಿ. ಕೊಕೇನ್
ಡ್ರಗ್ಸ್ ಮಾರಾಟ ದಂಧೆಯಲ್ಲಿ ತೊಡಗಿದ್ದ ಆರೋಪದ ಮೇಲೆ ಪೇಂಟರ್ ಒಬ್ಬನನ್ನು ಬಂಧಿಸಿ 1 ಕೆ.ಜಿ. ಕೊಕೇನ್ ಜಪ್ತಿ ಮಾಡಲಾಗಿದೆ. ಆರೋಪಿ ವಿದೇಶಿ ಪ್ರಜೆಗಳಿಂದ ಡ್ರಗ್ಸ್ ಖರೀದಿಸಿ ಮಾರಾಟ ಮಾಡುತ್ತಿದ್ದ ಎಂದು ಪೊಲೀಸರು ತಿಳಿಸಿದ್ದಾರೆ.

ವಿದೇಶಿ ಪ್ರಜೆ ಸೇರಿ ಹಲವರನ್ನು ವಶಕ್ಕೆ ಪಡೆಯಲಾಗಿದ್ದು, ಆರೋಪಿಗಳಿಂದ ಎಂಡಿಎಂಎ, ಕೊಕೇನ್, ಹೈಡ್ರೋ ಗಾಂಜಾ ಜಪ್ತಿ ಮಾಡಲಾಗಿದೆ ಎಂದು ನಗರ ಪೊಲೀಸ್ ಆಯುಕ್ತರು ತಿಳಿಸಿದರು.

ನಗರದಲ್ಲಿ ಪಾರ್ಟಿಗಳಿಗೆ ಡ್ರಗ್ಸ್ ಪೂರೈಸುತ್ತಿದ್ದ ಜಾಲದ ಬಗ್ಗೆ ತನಿಖೆ ಮುಂದುವರಿದಿದೆ. ಆರೋಪಿಗಳ ವಿರುದ್ಧ ಎನ್‌ಡಿಪಿಎಸ್ ಕಾಯ್ದೆ ಅಡಿ ಪ್ರಕರಣ ದಾಖಲಿಸಲಾಗಿದೆ.

'ಡ್ರಗ್ಸ್ ಮುಕ್ತ ಬೆಂಗಳೂರು' ಅಭಿಯಾನದಡಿ ಕಾರ್ಯಾಚರಣೆ ನಡೆಸಿದ ಸಿಸಿಬಿ ಪೊಲೀಸರು, ಮಾದಕ ವಸ್ತು ಮಾರಾಟ ಜಾಲದಲ್ಲಿ ತೊಡಗಿದ್ದ 10 ಮಂದಿ ಆರೋಪಿಗಳನ್ನು ಬಂಧಿಸಿ 23 ಕೋಟಿ ರೂ. ಮೌಲ್ಯದ ಡ್ರಗ್ಸ್ ಜಪ್ತಿ ಮಾಡಿದ್ದಾರೆ.

ವಿದೇಶಿ ಮಹಿಳೆ ಸೆರೆ:

ವಿದೇಶಿ ಮಹಿಳೆ ಸೆರೆ: ಸಂಪಿಗೆಹಳ್ಳಿ ಠಾಣೆ ವ್ಯಾಪ್ತಿಯಲ್ಲಿ ಡ್ರಗ್ಸ್ ಮಾರಾಟ ಮಾಡುತ್ತಿದ್ದ ನೈಜೀರಿಯಾ ಮೂಲದ ಮಹಿಳೆಯನ್ನು ಬಂಧಿಸಿ 6.60 ಕೋಟಿ ರೂ. ಮೌಲ್ಯದ ಡ್ರಗ್ಸ್ ವಶಪಡಿಸಿಕೊಳ್ಳಲಾಗಿದೆ.

ನಗರದಲ್ಲಿ ಪಾರ್ಟಿಗಳಿಗೆ ಡ್ರಗ್ಸ್ ಪೂರೈಸುತ್ತಿದ್ದ ಜಾಲದ ಬಗ್ಗೆ ತನಿಖೆ ಮುಂದುವರಿದಿದೆ. ಆರೋಪಿಗಳ ವಿರುದ್ಧ ಎನ್‌ಡಿಪಿಎಸ್ ಕಾಯ್ದೆ ಅಡಿ ಪ್ರಕರಣ ದಾಖಲಿಸಲಾಗಿದೆ.
